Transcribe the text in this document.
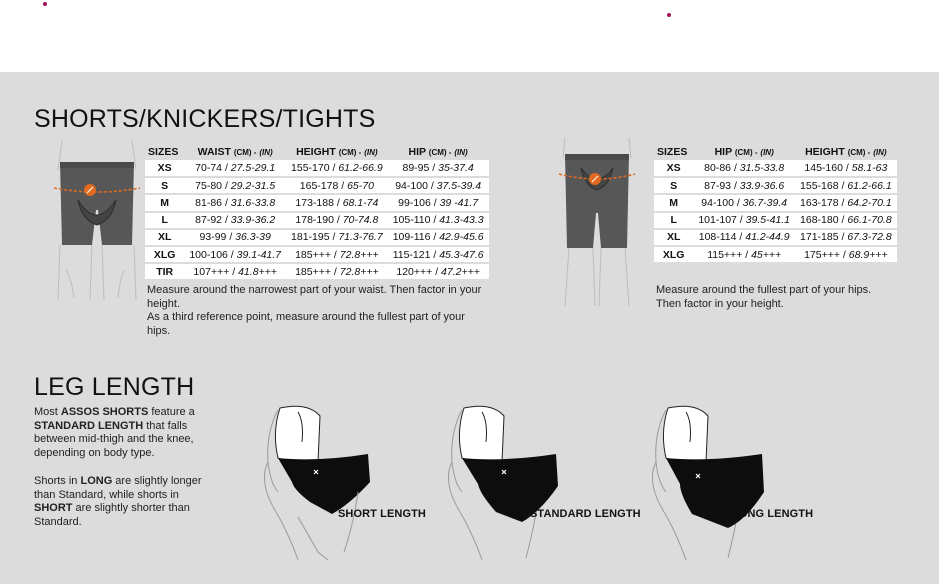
SHORTS/KNICKERS/TIGHTS
SIZES	WAIST (CM) - (IN)	HEIGHT (CM) - (IN)	HIP (CM) - (IN)
XS	70-74 / 27.5-29.1	155-170 / 61.2-66.9	89-95 / 35-37.4
S	75-80 / 29.2-31.5	165-178 / 65-70	94-100 / 37.5-39.4
M	81-86 / 31.6-33.8	173-188 / 68.1-74	99-106 / 39 -41.7
L	87-92 / 33.9-36.2	178-190 / 70-74.8	105-110 / 41.3-43.3
XL	93-99 / 36.3-39	181-195 / 71.3-76.7	109-116 / 42.9-45.6
XLG	100-106 / 39.1-41.7	185+++ / 72.8+++	115-121 / 45.3-47.6
TIR	107+++ / 41.8+++	185+++ / 72.8+++	120+++ / 47.2+++
Measure around the narrowest part of your waist. Then factor in your height.
As a third reference point, measure around the fullest part of your hips.
SIZES	HIP (CM) - (IN)	HEIGHT (CM) - (IN)
XS	80-86 / 31.5-33.8	145-160 / 58.1-63
S	87-93 / 33.9-36.6	155-168 / 61.2-66.1
M	94-100 / 36.7-39.4	163-178 / 64.2-70.1
L	101-107 / 39.5-41.1	168-180 / 66.1-70.8
XL	108-114 / 41.2-44.9	171-185 / 67.3-72.8
XLG	115+++ / 45+++	175+++ / 68.9+++
Measure around the fullest part of your hips.
Then factor in your height.
LEG LENGTH
Most ASSOS SHORTS feature a STANDARD LENGTH that falls between mid-thigh and the knee, depending on body type.
Shorts in LONG are slightly longer than Standard, while shorts in SHORT are slightly shorter than Standard.
SHORT LENGTH	STANDARD LENGTH	LONG LENGTH
